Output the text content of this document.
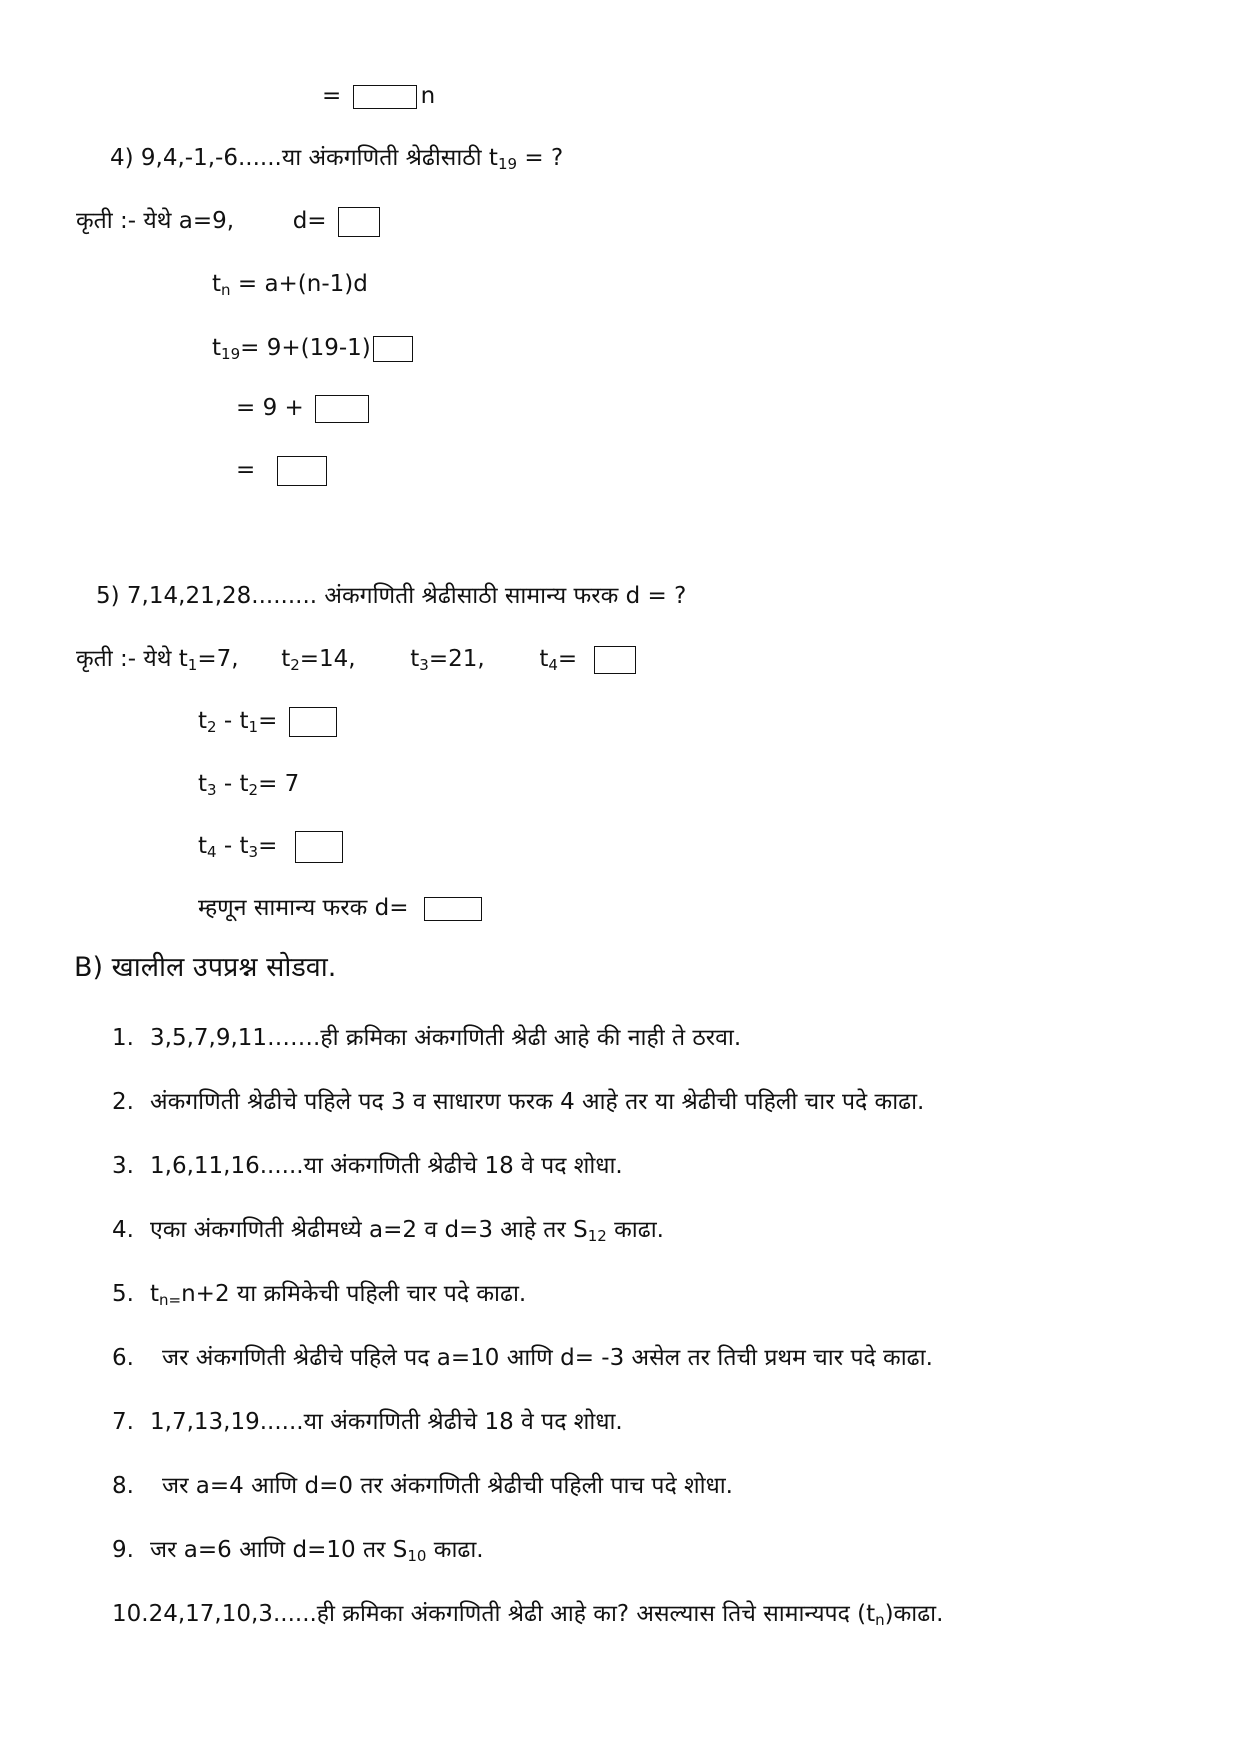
=	n
4) 9,4,-1,-6......या अंकगणिती श्रेढीसाठी $t_{19}$ = ?
कृती :- येथे a=9,	d=
$t_n = a+(n-1)d$
$t_{19}= 9+(19-1)$
= 9 +
=
5) 7,14,21,28......... अंकगणिती श्रेढीसाठी सामान्य फरक d = ?
कृती :- येथे $t_1=7$, $t_2=14$, $t_3=21$, $t_4=$
$t_2 - t_1=$
$t_3 - t_2= 7$
$t_4 - t_3=$
म्हणून सामान्य फरक d=
B) खालील उपप्रश्न सोडवा.
1. 3,5,7,9,11…….ही क्रमिका अंकगणिती श्रेढी आहे की नाही ते ठरवा.
2. अंकगणिती श्रेढीचे पहिले पद 3 व साधारण फरक 4 आहे तर या श्रेढीची पहिली चार पदे काढा.
3. 1,6,11,16......या अंकगणिती श्रेढीचे 18 वे पद शोधा.
4. एका अंकगणिती श्रेढीमध्ये a=2 व d=3 आहे तर $S_{12}$ काढा.
5. $t_{n=}n+2$ या क्रमिकेची पहिली चार पदे काढा.
6. जर अंकगणिती श्रेढीचे पहिले पद a=10 आणि d= -3 असेल तर तिची प्रथम चार पदे काढा.
7. 1,7,13,19......या अंकगणिती श्रेढीचे 18 वे पद शोधा.
8. जर a=4 आणि d=0 तर अंकगणिती श्रेढीची पहिली पाच पदे शोधा.
9. जर a=6 आणि d=10 तर $S_{10}$ काढा.
10.24,17,10,3......ही क्रमिका अंकगणिती श्रेढी आहे का? असल्यास तिचे सामान्यपद $(t_n)काढा$.
